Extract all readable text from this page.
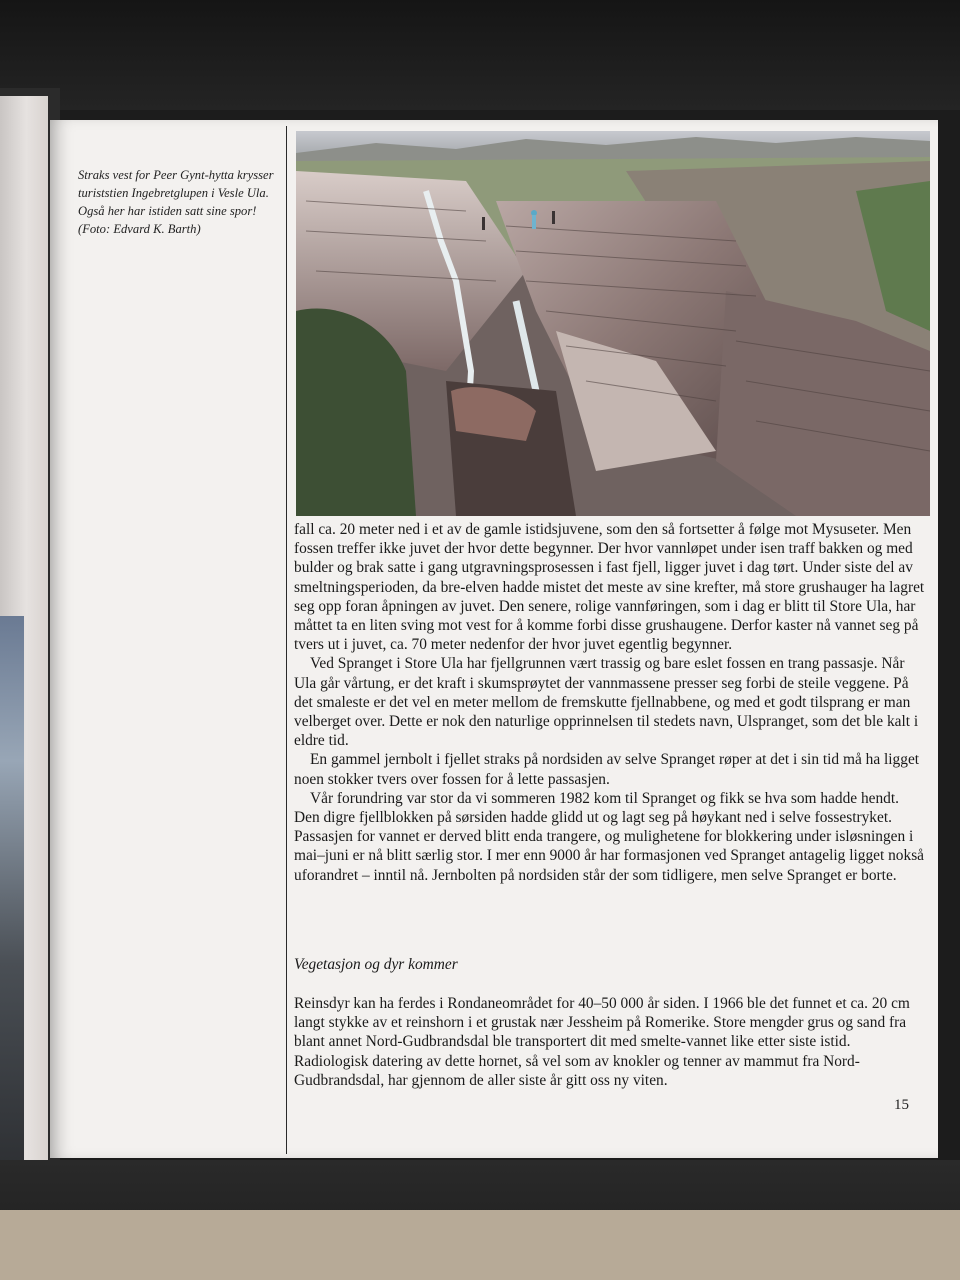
Straks vest for Peer Gynt-hytta krysser turiststien Ingebretglupen i Vesle Ula. Også her har istiden satt sine spor! (Foto: Edvard K. Barth)

fall ca. 20 meter ned i et av de gamle istidsjuvene, som den så fortsetter å følge mot Mysuseter. Men fossen treffer ikke juvet der hvor dette begynner. Der hvor vannløpet under isen traff bakken og med bulder og brak satte i gang utgravningsprosessen i fast fjell, ligger juvet i dag tørt. Under siste del av smeltningsperioden, da bre-elven hadde mistet det meste av sine krefter, må store grushauger ha lagret seg opp foran åpningen av juvet. Den senere, rolige vannføringen, som i dag er blitt til Store Ula, har måttet ta en liten sving mot vest for å komme forbi disse grushaugene. Derfor kaster nå vannet seg på tvers ut i juvet, ca. 70 meter nedenfor der hvor juvet egentlig begynner.

Ved Spranget i Store Ula har fjellgrunnen vært trassig og bare eslet fossen en trang passasje. Når Ula går vårtung, er det kraft i skumsprøytet der vannmassene presser seg forbi de steile veggene. På det smaleste er det vel en meter mellom de fremskutte fjellnabbene, og med et godt tilsprang er man velberget over. Dette er nok den naturlige opprinnelsen til stedets navn, Ulspranget, som det ble kalt i eldre tid.

En gammel jernbolt i fjellet straks på nordsiden av selve Spranget røper at det i sin tid må ha ligget noen stokker tvers over fossen for å lette passasjen.

Vår forundring var stor da vi sommeren 1982 kom til Spranget og fikk se hva som hadde hendt. Den digre fjellblokken på sørsiden hadde glidd ut og lagt seg på høykant ned i selve fossestryket. Passasjen for vannet er derved blitt enda trangere, og mulighetene for blokkering under isløsningen i mai–juni er nå blitt særlig stor. I mer enn 9000 år har formasjonen ved Spranget antagelig ligget nokså uforandret – inntil nå. Jernbolten på nordsiden står der som tidligere, men selve Spranget er borte.

Vegetasjon og dyr kommer
Reinsdyr kan ha ferdes i Rondaneområdet for 40–50 000 år siden. I 1966 ble det funnet et ca. 20 cm langt stykke av et reinshorn i et grustak nær Jessheim på Romerike. Store mengder grus og sand fra blant annet Nord-Gudbrandsdal ble transportert dit med smelte-vannet like etter siste istid. Radiologisk datering av dette hornet, så vel som av knokler og tenner av mammut fra Nord-Gudbrandsdal, har gjennom de aller siste år gitt oss ny viten.
15
